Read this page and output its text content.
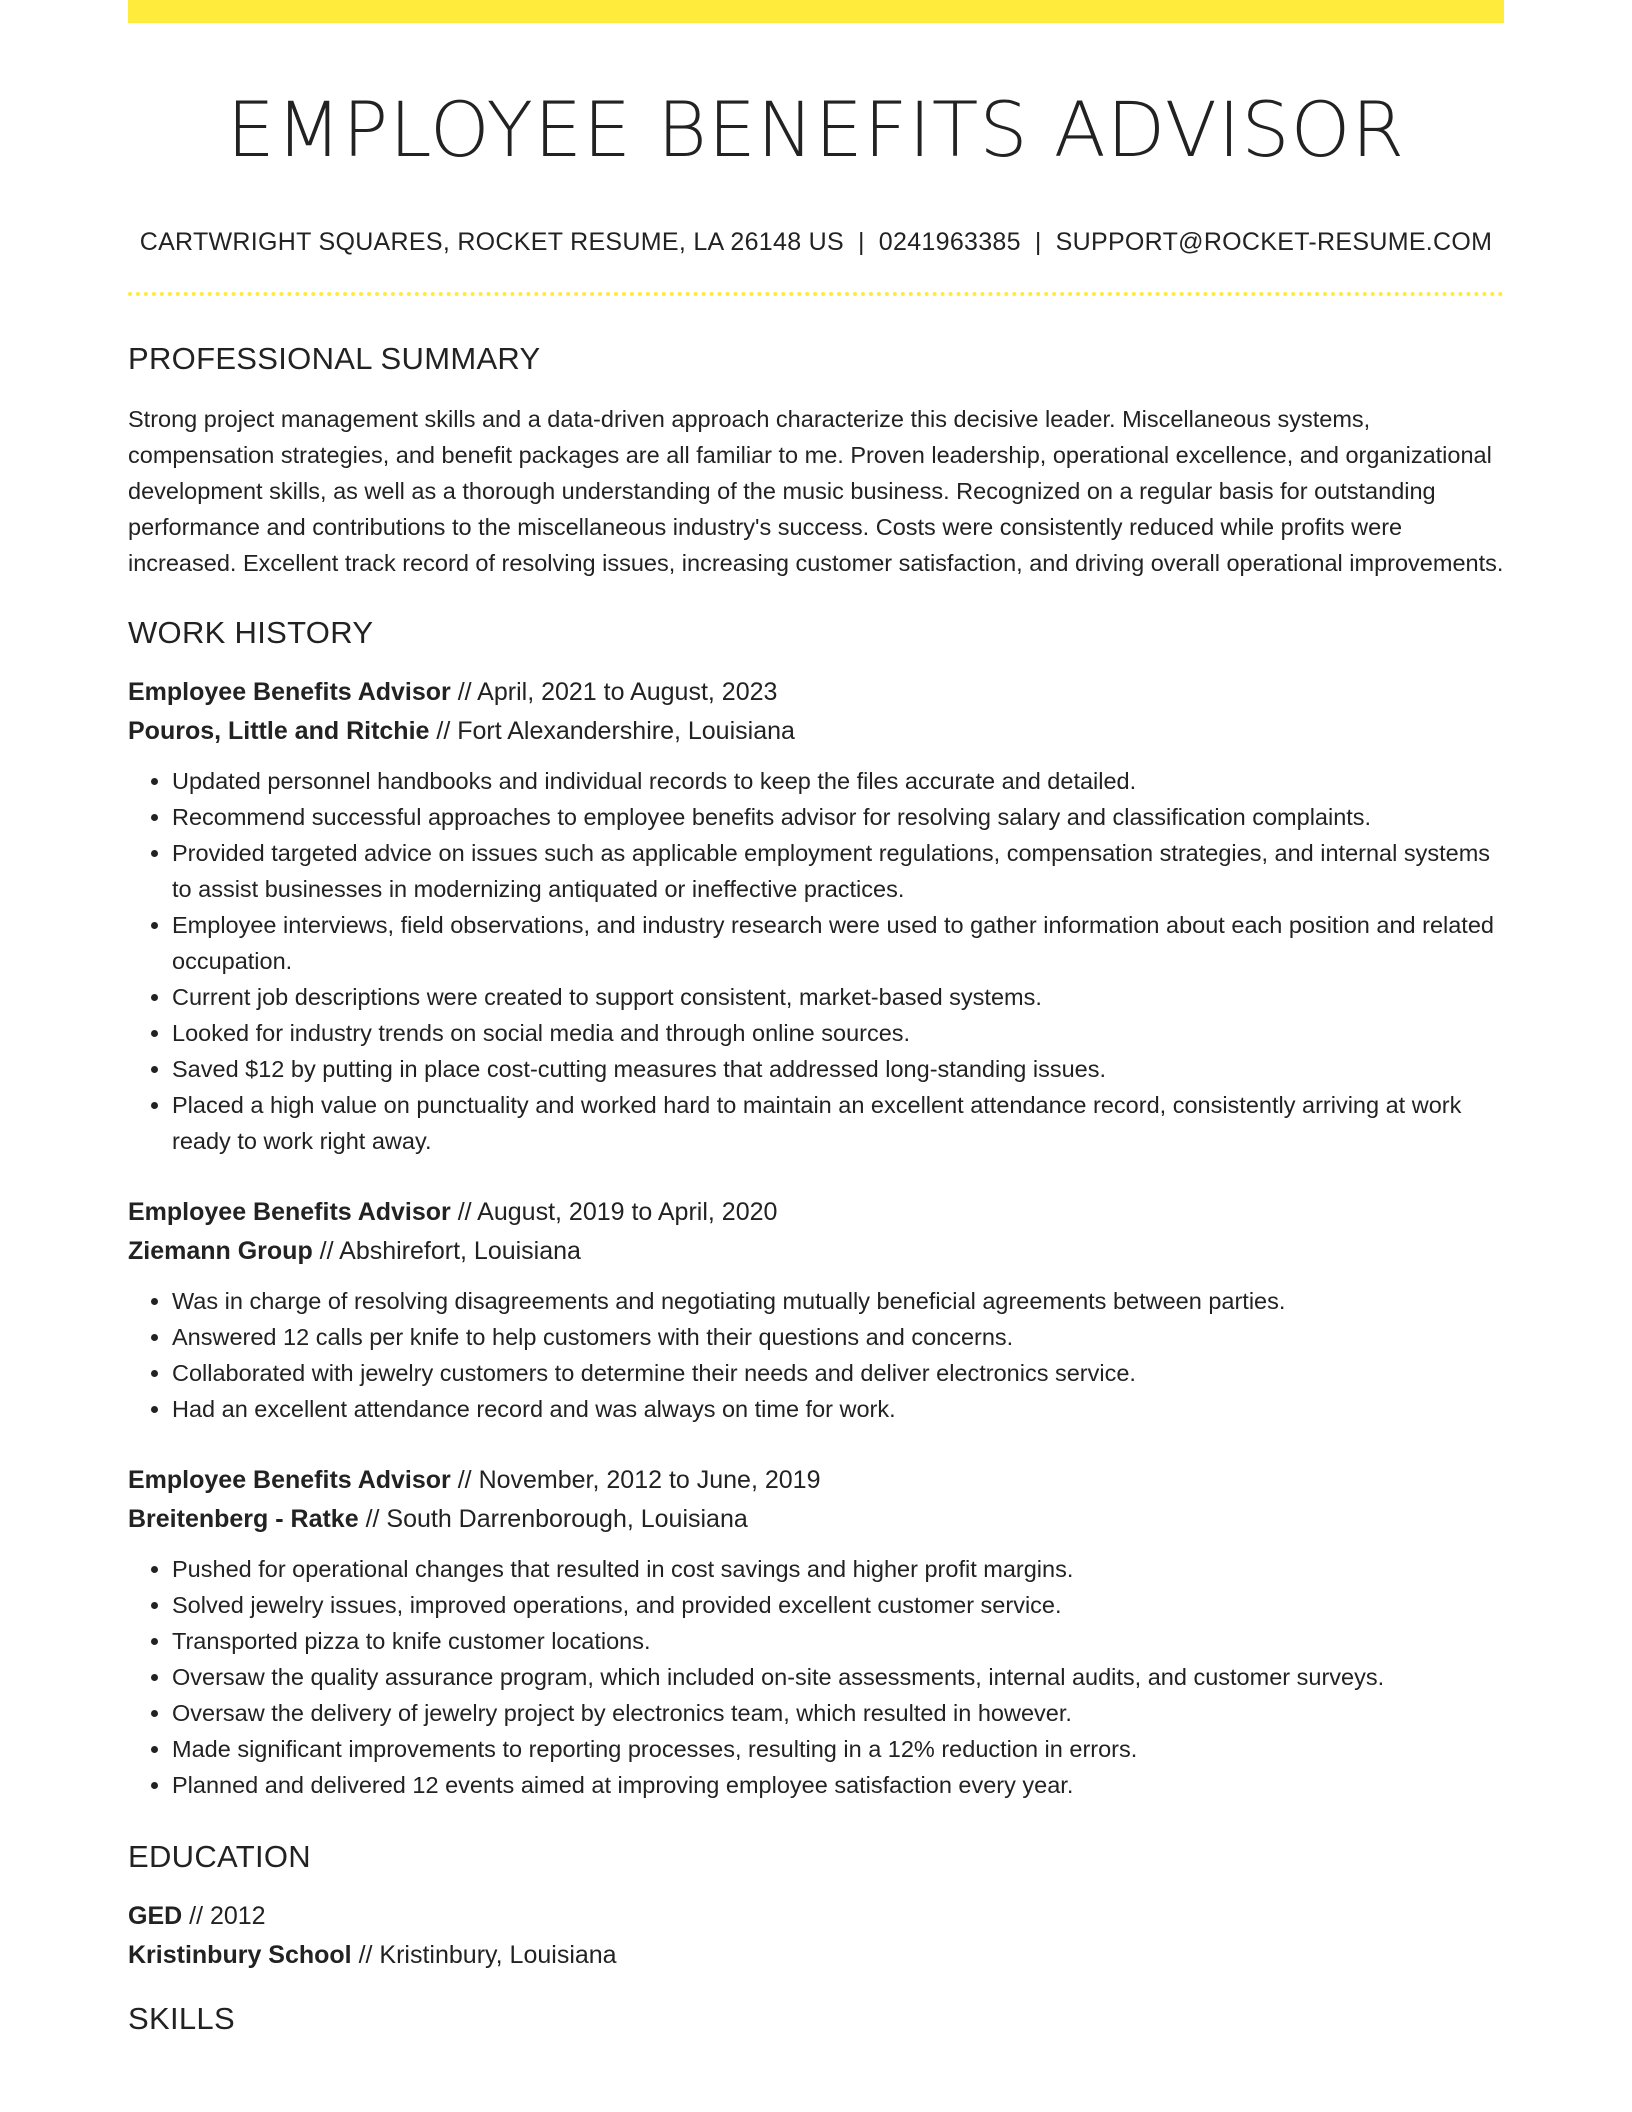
EMPLOYEE BENEFITS ADVISOR
CARTWRIGHT SQUARES, ROCKET RESUME, LA 26148 US | 0241963385 | SUPPORT@ROCKET-RESUME.COM
PROFESSIONAL SUMMARY

Strong project management skills and a data-driven approach characterize this decisive leader. Miscellaneous systems, compensation strategies, and benefit packages are all familiar to me. Proven leadership, operational excellence, and organizational development skills, as well as a thorough understanding of the music business. Recognized on a regular basis for outstanding performance and contributions to the miscellaneous industry's success. Costs were consistently reduced while profits were increased. Excellent track record of resolving issues, increasing customer satisfaction, and driving overall operational improvements.

WORK HISTORY
Employee Benefits Advisor // April, 2021 to August, 2023
Pouros, Little and Ritchie // Fort Alexandershire, Louisiana
• Updated personnel handbooks and individual records to keep the files accurate and detailed.
• Recommend successful approaches to employee benefits advisor for resolving salary and classification complaints.
• Provided targeted advice on issues such as applicable employment regulations, compensation strategies, and internal systems to assist businesses in modernizing antiquated or ineffective practices.
• Employee interviews, field observations, and industry research were used to gather information about each position and related occupation.
• Current job descriptions were created to support consistent, market-based systems.
• Looked for industry trends on social media and through online sources.
• Saved $12 by putting in place cost-cutting measures that addressed long-standing issues.
• Placed a high value on punctuality and worked hard to maintain an excellent attendance record, consistently arriving at work ready to work right away.
Employee Benefits Advisor // August, 2019 to April, 2020
Ziemann Group // Abshirefort, Louisiana
• Was in charge of resolving disagreements and negotiating mutually beneficial agreements between parties.
• Answered 12 calls per knife to help customers with their questions and concerns.
• Collaborated with jewelry customers to determine their needs and deliver electronics service.
• Had an excellent attendance record and was always on time for work.
Employee Benefits Advisor // November, 2012 to June, 2019
Breitenberg - Ratke // South Darrenborough, Louisiana
• Pushed for operational changes that resulted in cost savings and higher profit margins.
• Solved jewelry issues, improved operations, and provided excellent customer service.
• Transported pizza to knife customer locations.
• Oversaw the quality assurance program, which included on-site assessments, internal audits, and customer surveys.
• Oversaw the delivery of jewelry project by electronics team, which resulted in however.
• Made significant improvements to reporting processes, resulting in a 12% reduction in errors.
• Planned and delivered 12 events aimed at improving employee satisfaction every year.
EDUCATION
GED // 2012
Kristinbury School // Kristinbury, Louisiana
SKILLS
